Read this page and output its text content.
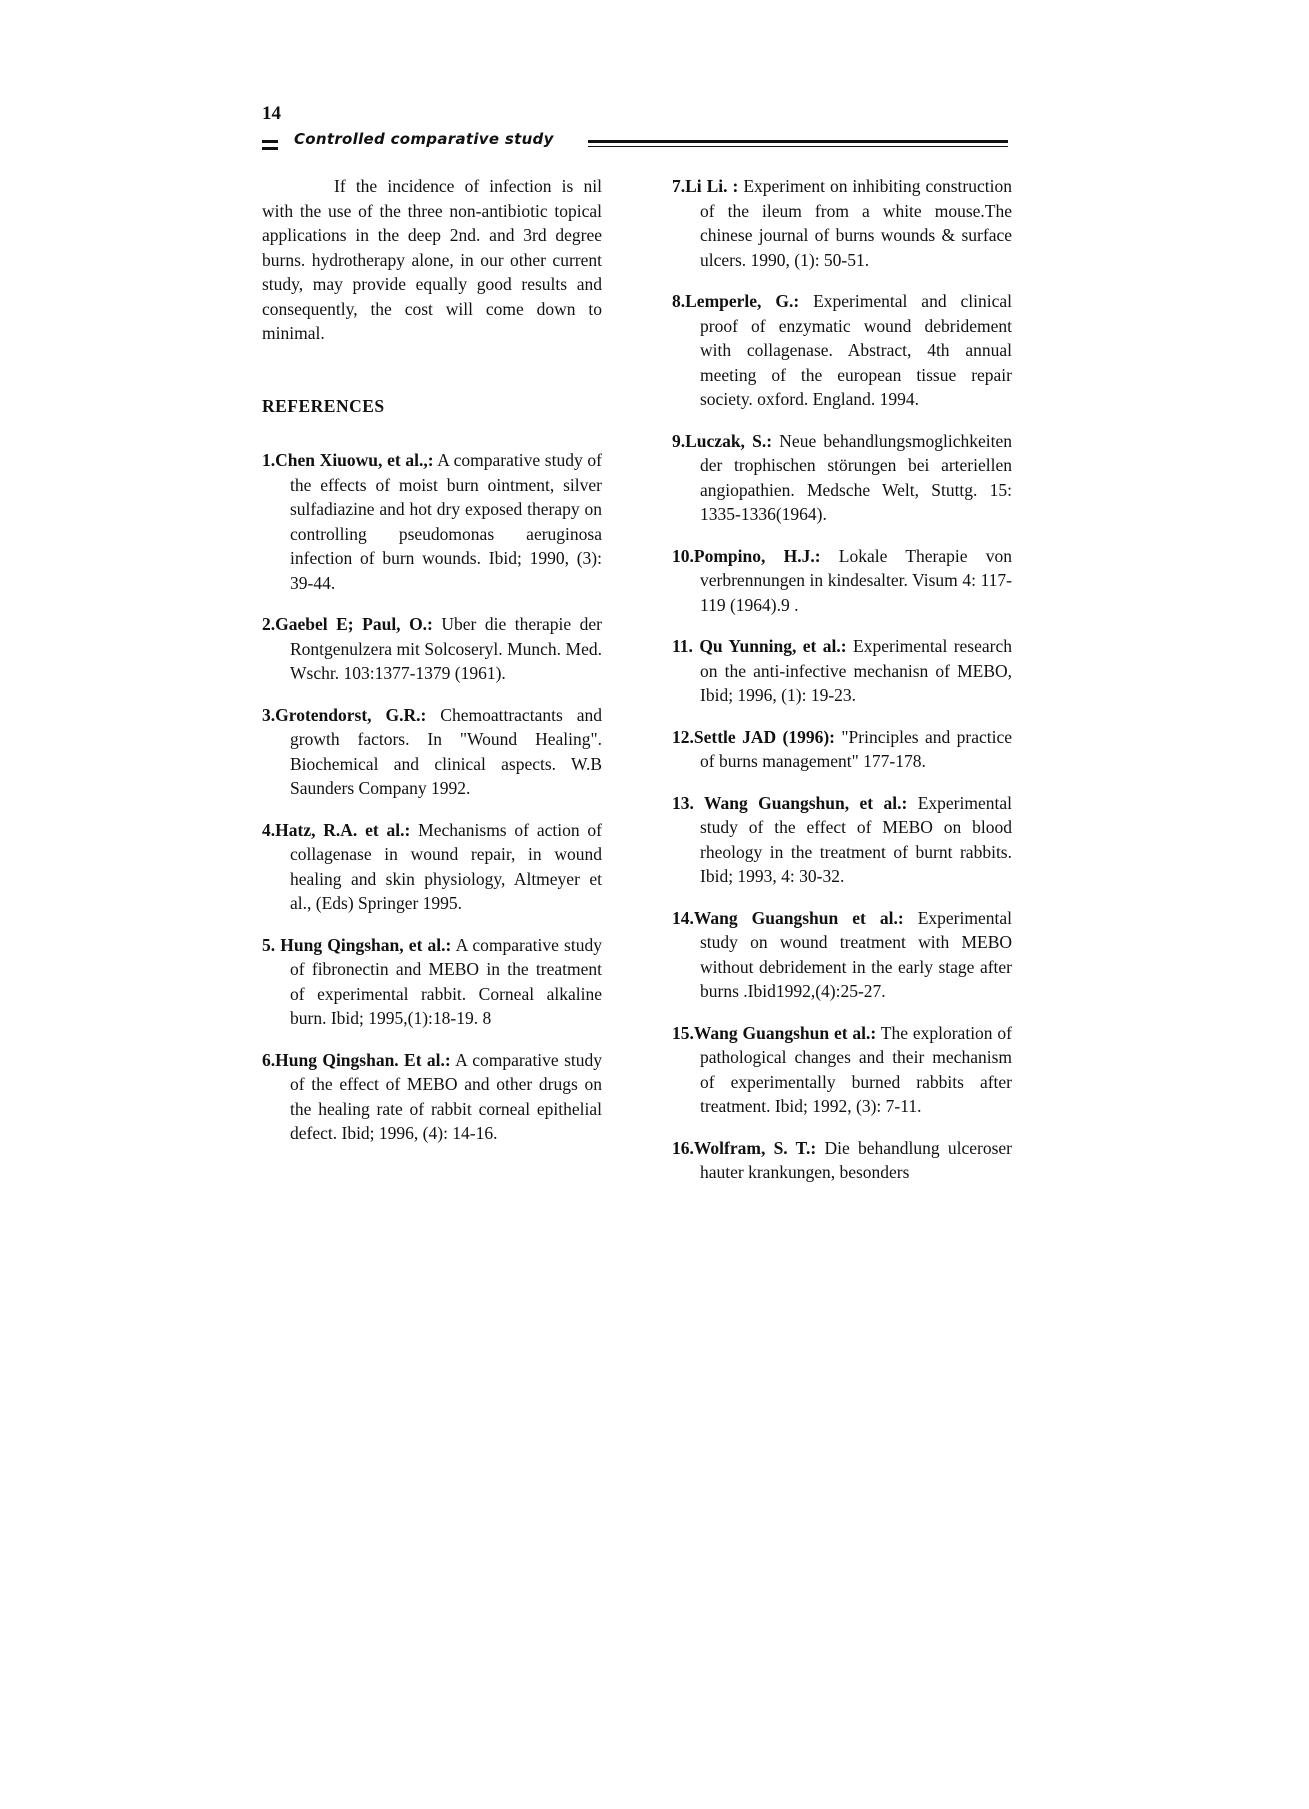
14
Controlled comparative study

If the incidence of infection is nil with the use of the three non-antibiotic topical applications in the deep 2nd. and 3rd degree burns. hydrotherapy alone, in our other current study, may provide equally good results and consequently, the cost will come down to minimal.

REFERENCES

1.Chen Xiuowu, et al.,: A comparative study of the effects of moist burn ointment, silver sulfadiazine and hot dry exposed therapy on controlling pseudomonas aeruginosa infection of burn wounds. Ibid; 1990, (3): 39-44.

2.Gaebel E; Paul, O.: Uber die therapie der Rontgenulzera mit Solcoseryl. Munch. Med. Wschr. 103:1377-1379 (1961).

3.Grotendorst, G.R.: Chemoattractants and growth factors. In "Wound Healing". Biochemical and clinical aspects. W.B Saunders Company 1992.

4.Hatz, R.A. et al.: Mechanisms of action of collagenase in wound repair, in wound healing and skin physiology, Altmeyer et al., (Eds) Springer 1995.

5. Hung Qingshan, et al.: A comparative study of fibronectin and MEBO in the treatment of experimental rabbit. Corneal alkaline burn. Ibid; 1995,(1):18-19. 8

6.Hung Qingshan. Et al.: A comparative study of the effect of MEBO and other drugs on the healing rate of rabbit corneal epithelial defect. Ibid; 1996, (4): 14-16.

7.Li Li. : Experiment on inhibiting construction of the ileum from a white mouse.The chinese journal of burns wounds & surface ulcers. 1990, (1): 50-51.

8.Lemperle, G.: Experimental and clinical proof of enzymatic wound debridement with collagenase. Abstract, 4th annual meeting of the european tissue repair society. oxford. England. 1994.

9.Luczak, S.: Neue behandlungsmoglichkeiten der trophischen störungen bei arteriellen angiopathien. Medsche Welt, Stuttg. 15: 1335-1336(1964).

10.Pompino, H.J.: Lokale Therapie von verbrennungen in kindesalter. Visum 4: 117-119 (1964).9 .

11. Qu Yunning, et al.: Experimental research on the anti-infective mechanisn of MEBO, Ibid; 1996, (1): 19-23.

12.Settle JAD (1996): "Principles and practice of burns management" 177-178.

13. Wang Guangshun, et al.: Experimental study of the effect of MEBO on blood rheology in the treatment of burnt rabbits. Ibid; 1993, 4: 30-32.

14.Wang Guangshun et al.: Experimental study on wound treatment with MEBO without debridement in the early stage after burns .Ibid1992,(4):25-27.

15.Wang Guangshun et al.: The exploration of pathological changes and their mechanism of experimentally burned rabbits after treatment. Ibid; 1992, (3): 7-11.

16.Wolfram, S. T.: Die behandlung ulceroser hauter krankungen, besonders
